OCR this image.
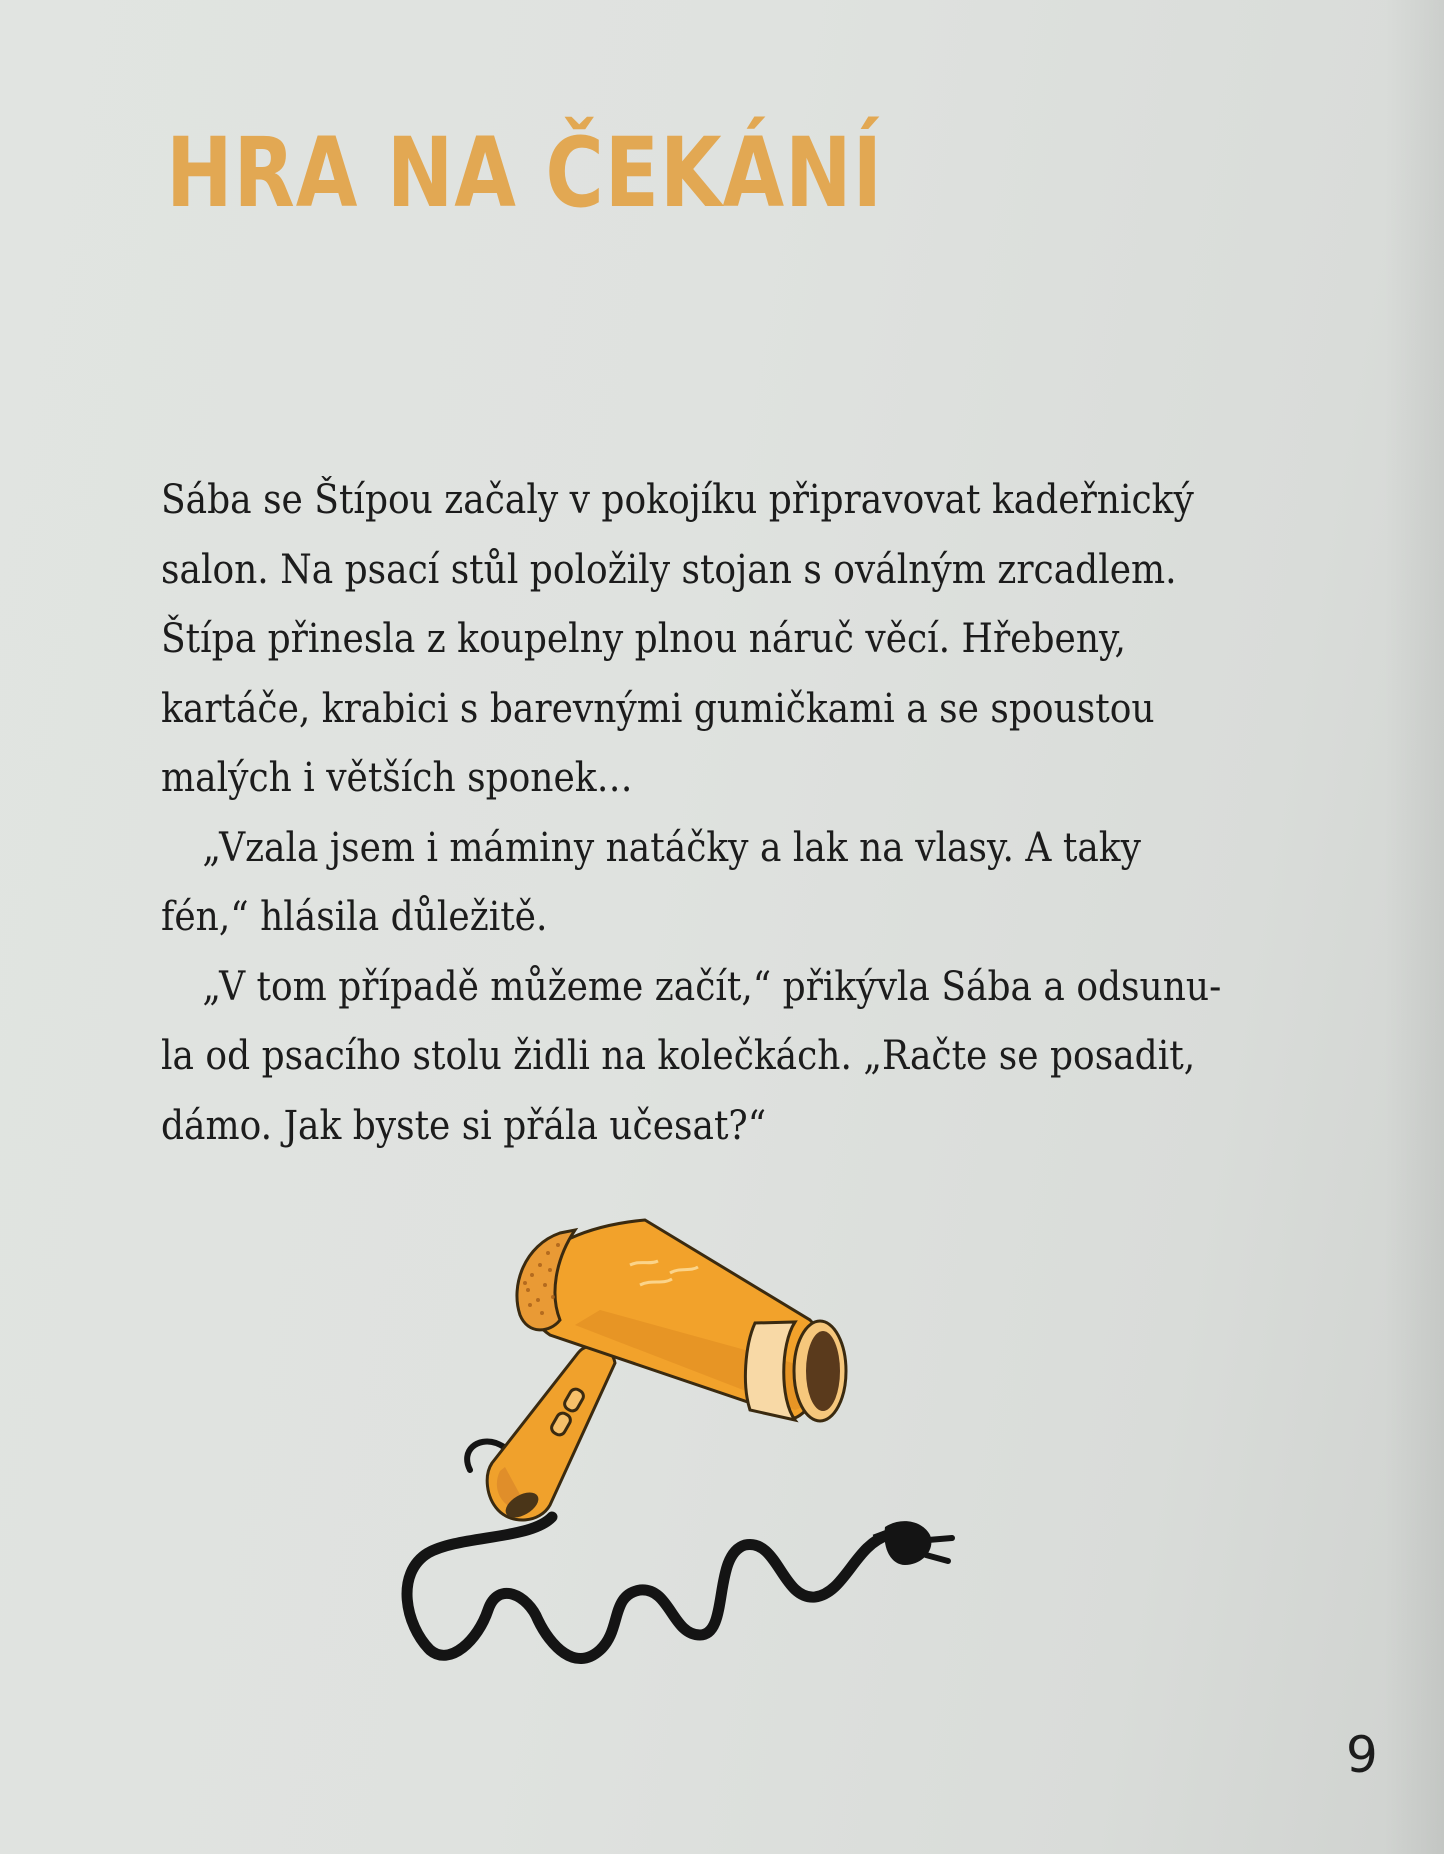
HRA NA ČEKÁNÍ

Sába se Štípou začaly v pokojíku připravovat kadeřnický
salon. Na psací stůl položily stojan s oválným zrcadlem.
Štípa přinesla z koupelny plnou náruč věcí. Hřebeny,
kartáče, krabici s barevnými gumičkami a se spoustou
malých i větších sponek…

„Vzala jsem i máminy natáčky a lak na vlasy. A taky
fén,“ hlásila důležitě.

„V tom případě můžeme začít,“ přikývla Sába a odsunu-
la od psacího stolu židli na kolečkách. „Račte se posadit,
dámo. Jak byste si přála učesat?“

9
